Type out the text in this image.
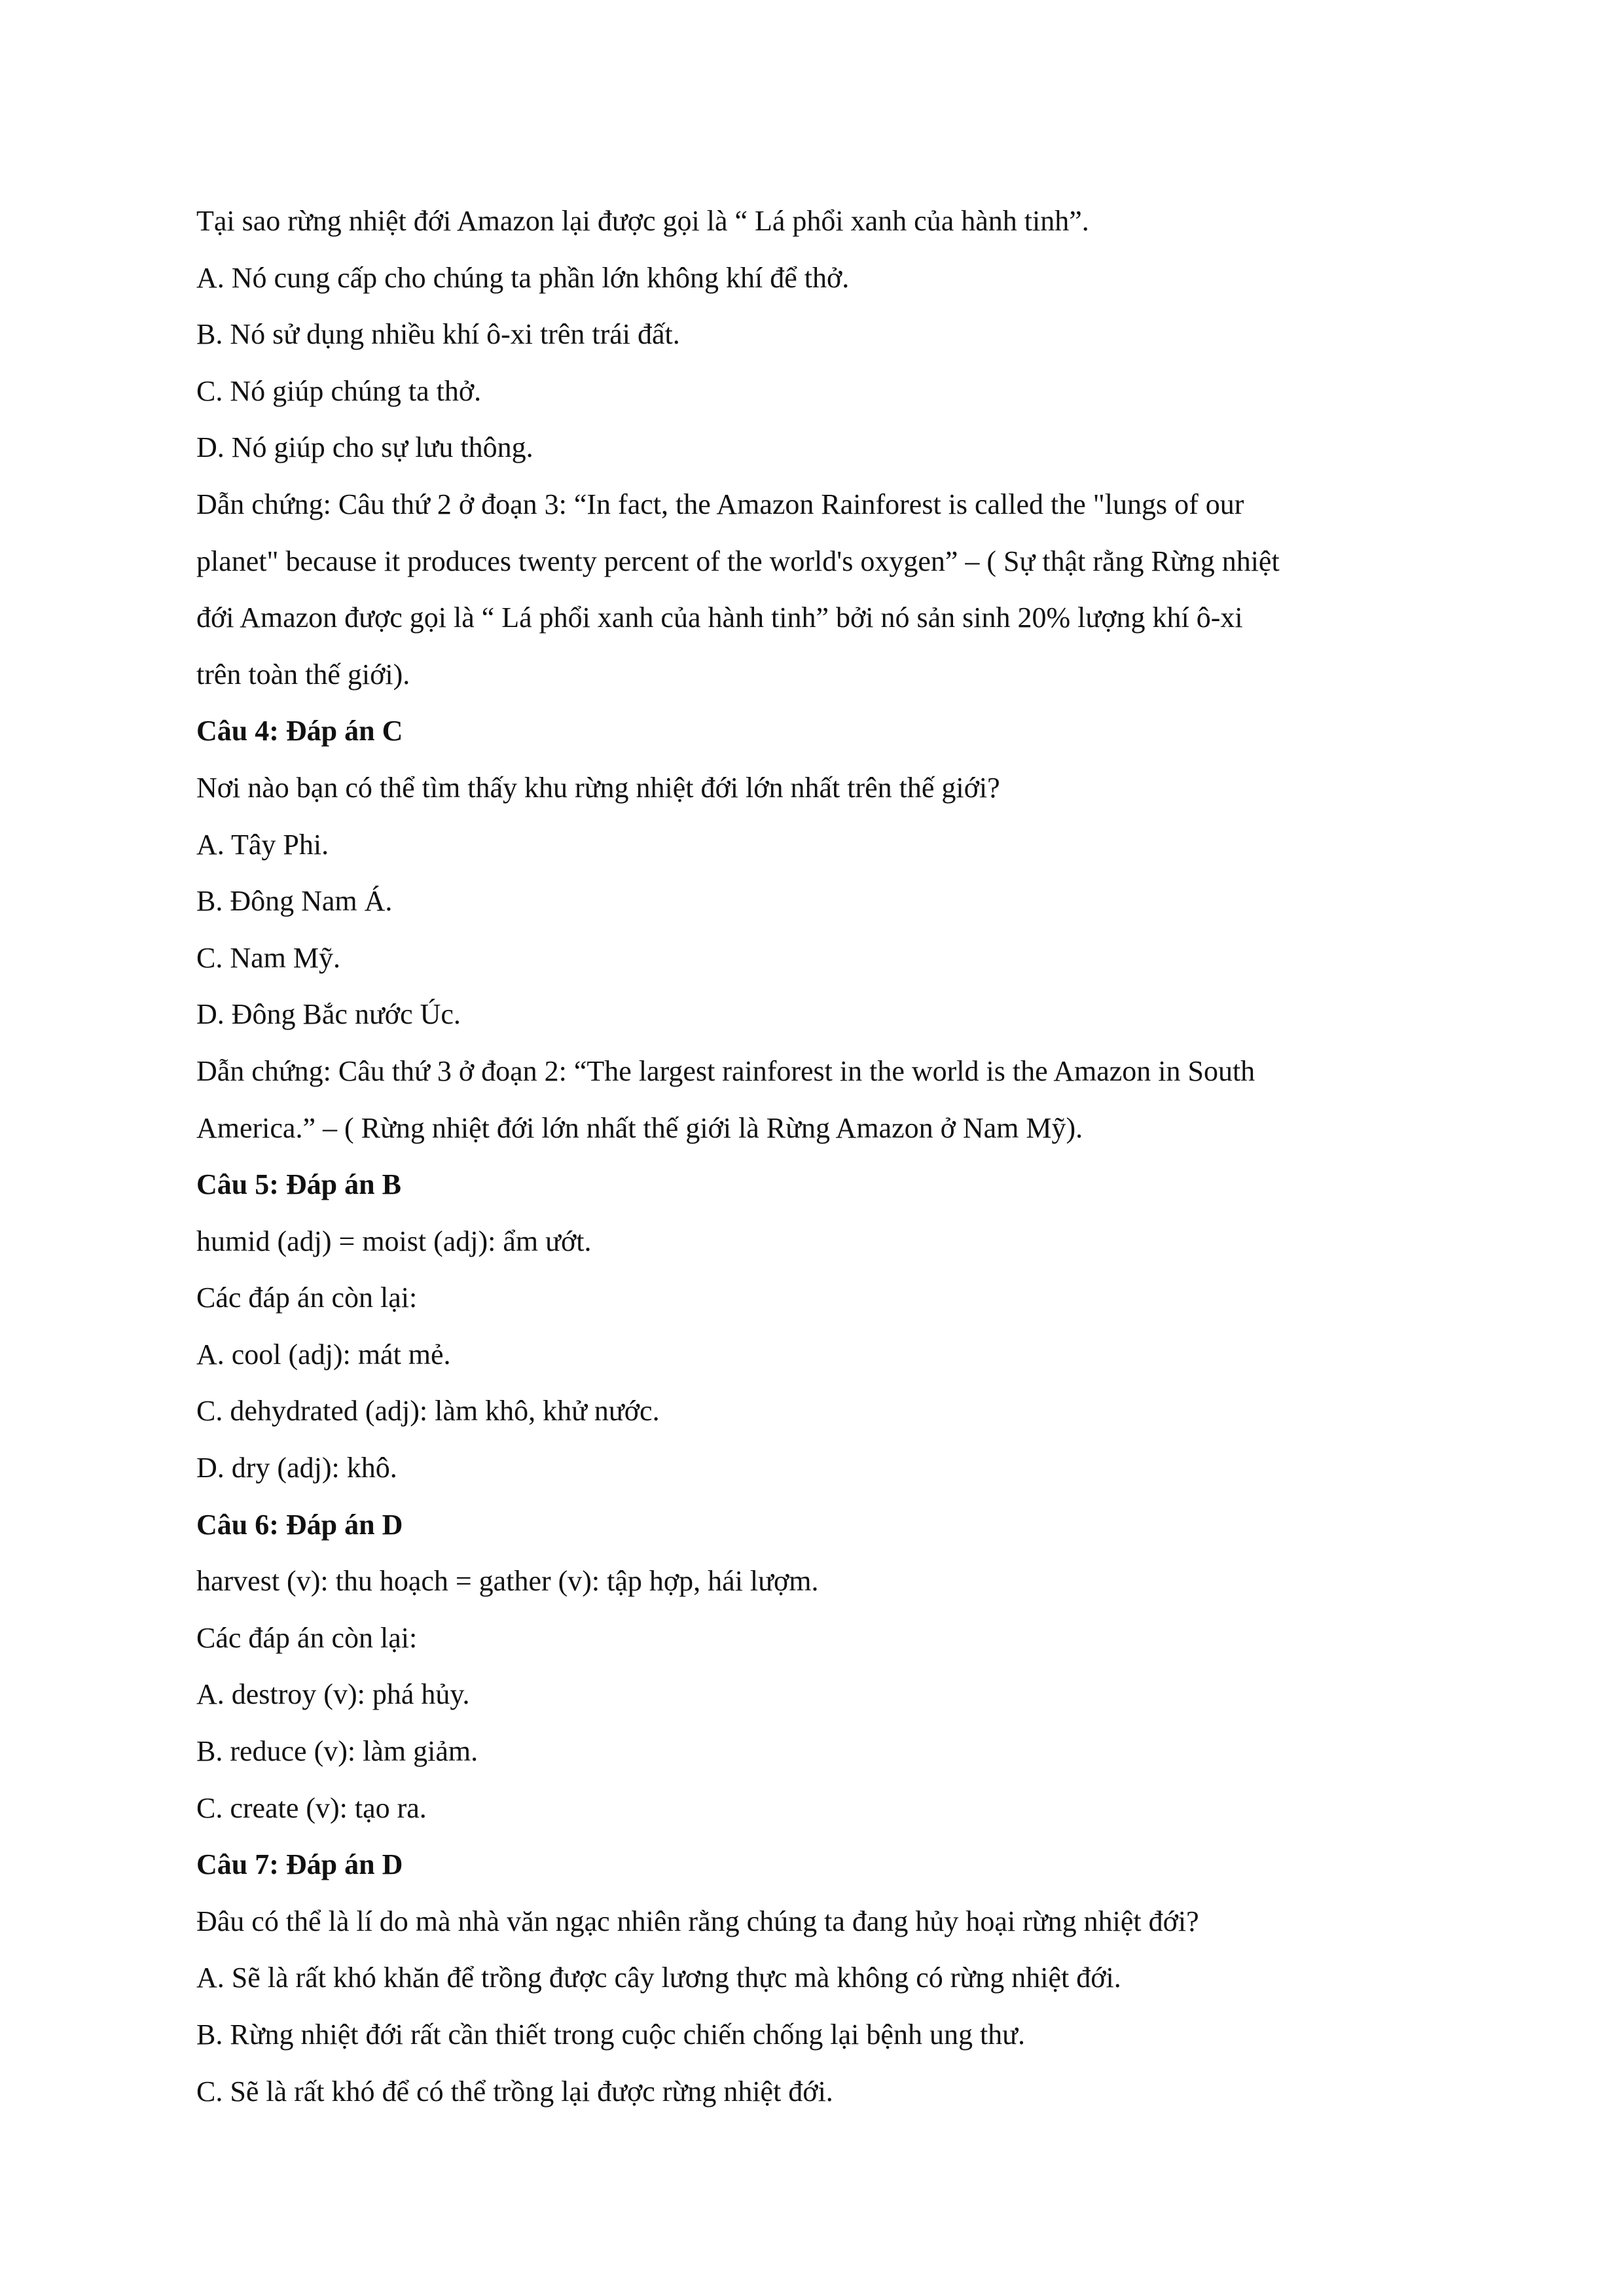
Tại sao rừng nhiệt đới Amazon lại được gọi là “ Lá phổi xanh của hành tinh”.

A. Nó cung cấp cho chúng ta phần lớn không khí để thở.

B. Nó sử dụng nhiều khí ô-xi trên trái đất.

C. Nó giúp chúng ta thở.

D. Nó giúp cho sự lưu thông.

Dẫn chứng: Câu thứ 2 ở đoạn 3: “In fact, the Amazon Rainforest is called the "lungs of our

planet" because it produces twenty percent of the world's oxygen” – ( Sự thật rằng Rừng nhiệt

đới Amazon được gọi là “ Lá phổi xanh của hành tinh” bởi nó sản sinh 20% lượng khí ô-xi

trên toàn thế giới).

Câu 4: Đáp án C

Nơi nào bạn có thể tìm thấy khu rừng nhiệt đới lớn nhất trên thế giới?

A. Tây Phi.

B. Đông Nam Á.

C. Nam Mỹ.

D. Đông Bắc nước Úc.

Dẫn chứng: Câu thứ 3 ở đoạn 2: “The largest rainforest in the world is the Amazon in South

America.” – ( Rừng nhiệt đới lớn nhất thế giới là Rừng Amazon ở Nam Mỹ).

Câu 5: Đáp án B

humid (adj) = moist (adj): ẩm ướt.

Các đáp án còn lại:

A. cool (adj): mát mẻ.

C. dehydrated (adj): làm khô, khử nước.

D. dry (adj): khô.

Câu 6: Đáp án D

harvest (v): thu hoạch = gather (v): tập hợp, hái lượm.

Các đáp án còn lại:

A. destroy (v): phá hủy.

B. reduce (v): làm giảm.

C. create (v): tạo ra.

Câu 7: Đáp án D

Đâu có thể là lí do mà nhà văn ngạc nhiên rằng chúng ta đang hủy hoại rừng nhiệt đới?

A. Sẽ là rất khó khăn để trồng được cây lương thực mà không có rừng nhiệt đới.

B. Rừng nhiệt đới rất cần thiết trong cuộc chiến chống lại bệnh ung thư.

C. Sẽ là rất khó để có thể trồng lại được rừng nhiệt đới.
